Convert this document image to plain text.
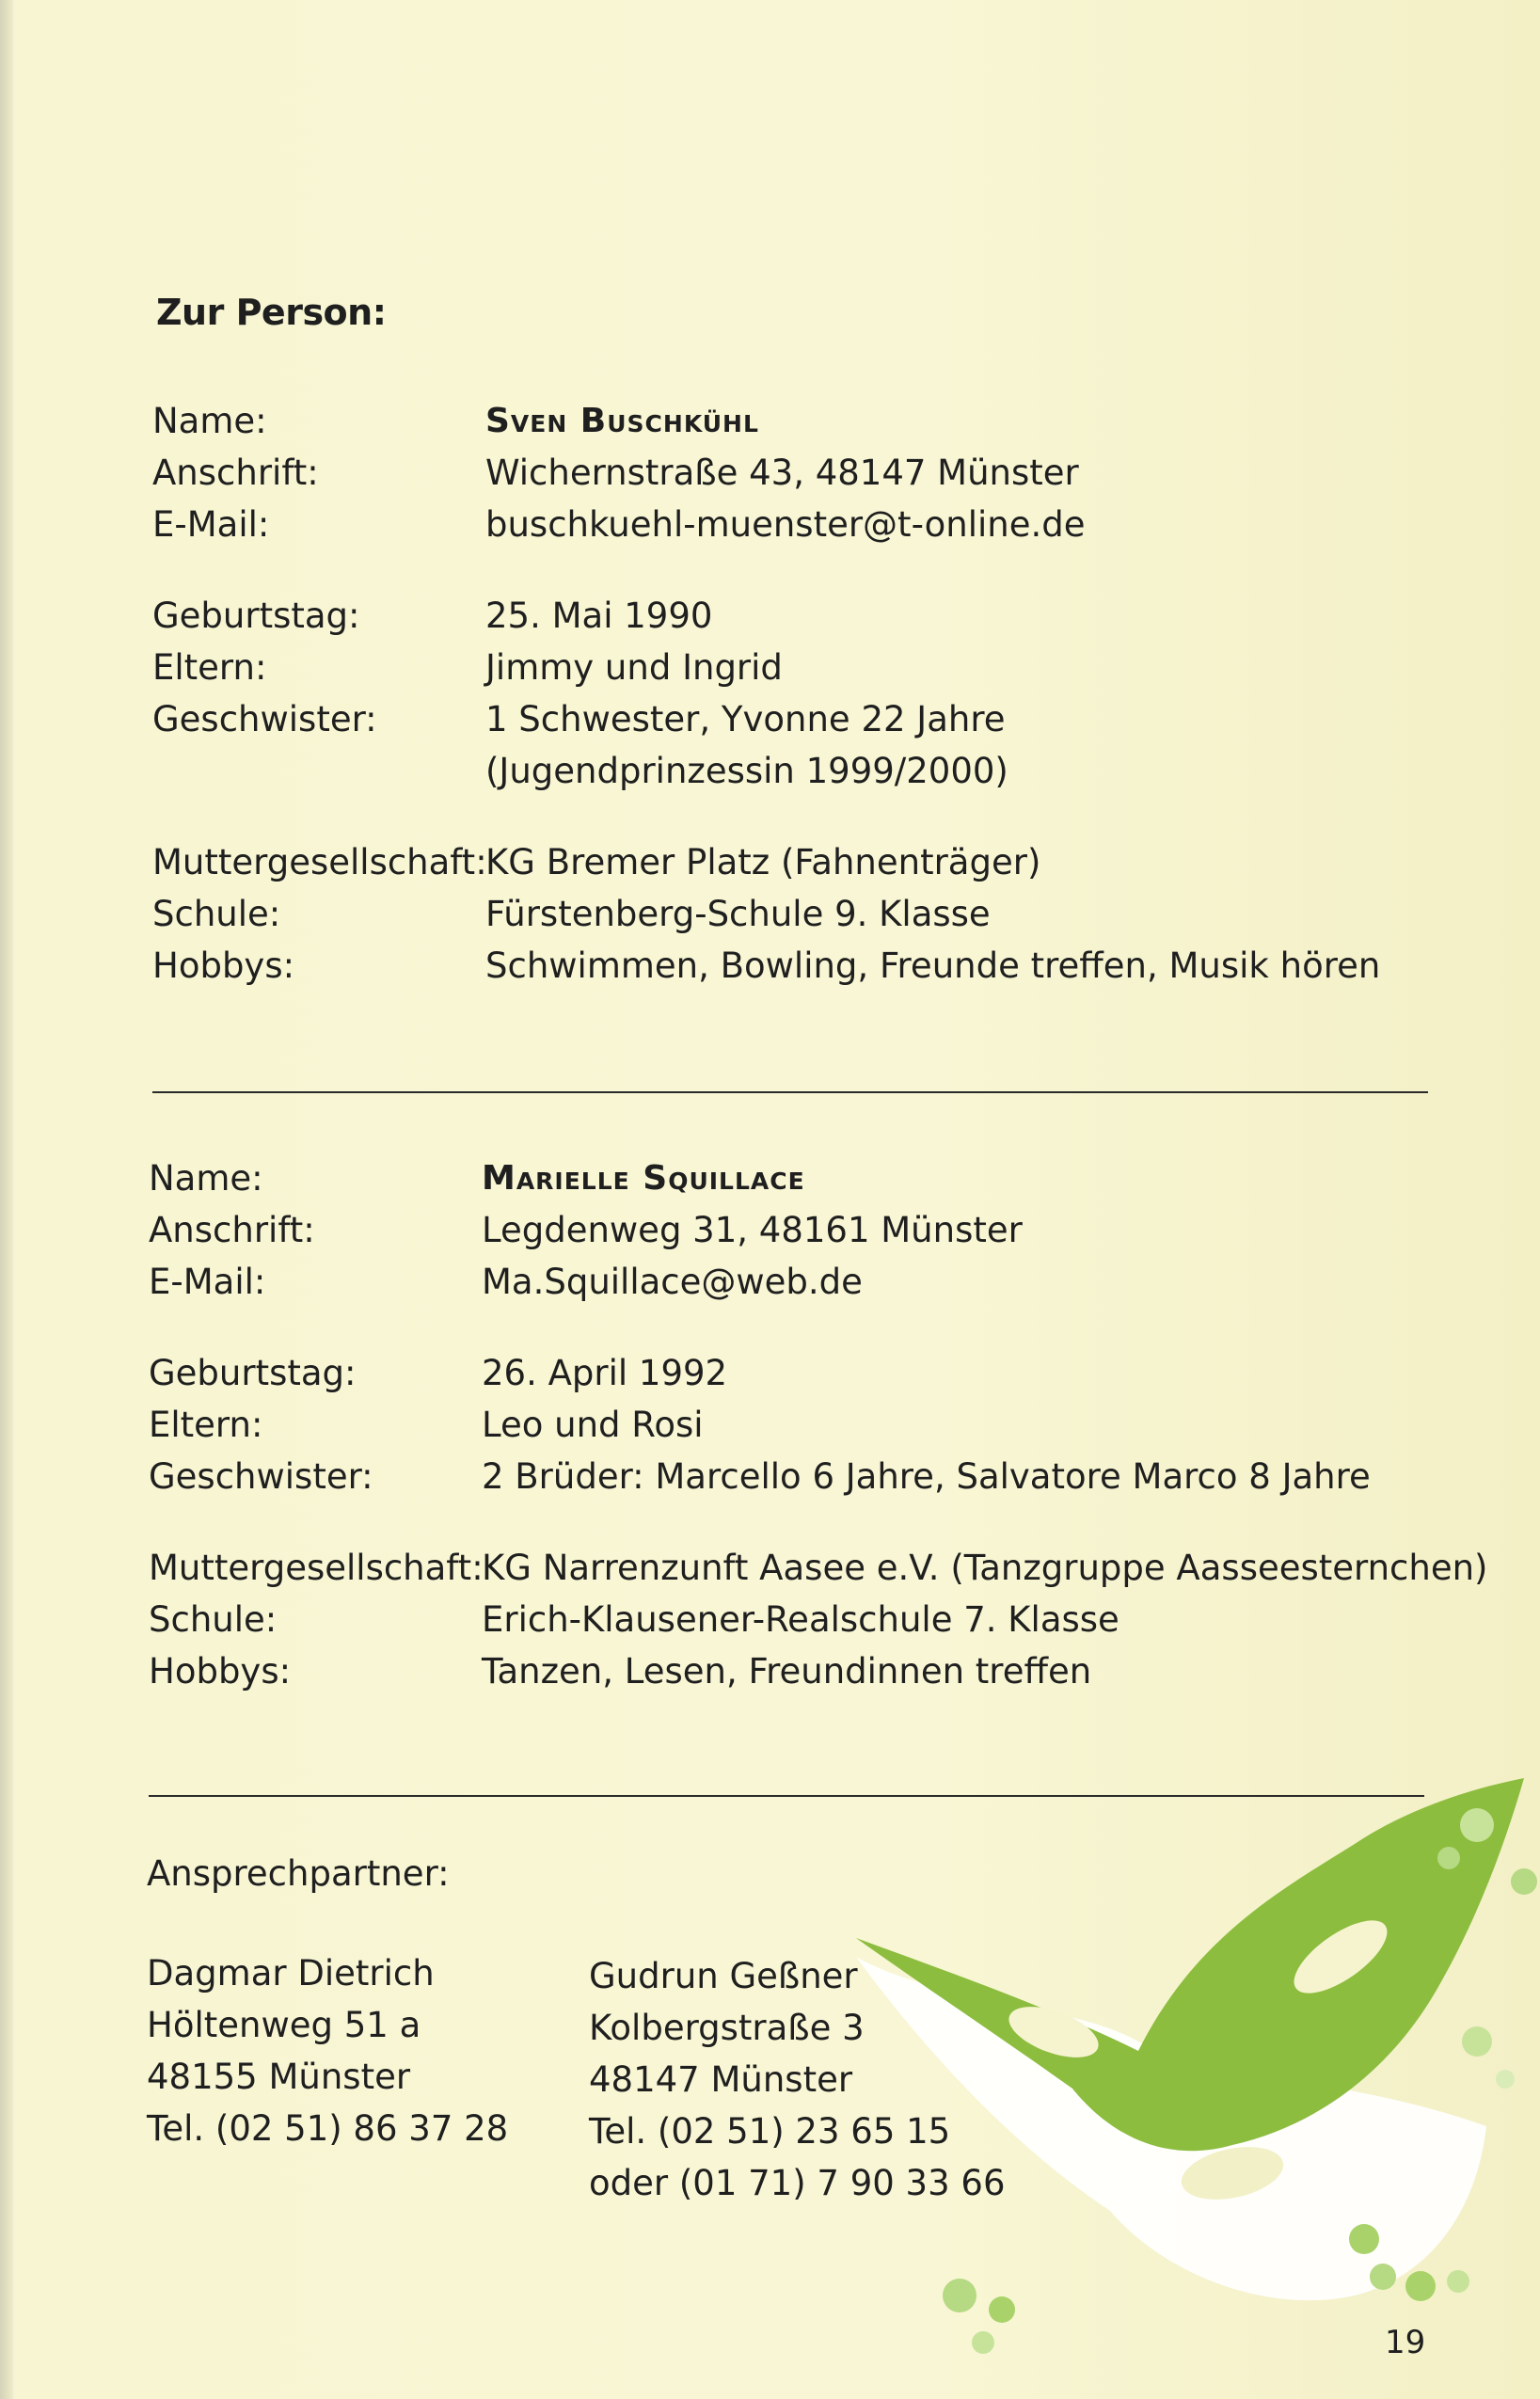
Zur Person:
Name:	Sven Buschkühl
Anschrift:	Wichernstraße 43, 48147 Münster
E-Mail:	buschkuehl-muenster@t-online.de
Geburtstag:	25. Mai 1990
Eltern:	Jimmy und Ingrid
Geschwister:	1 Schwester, Yvonne 22 Jahre
(Jugendprinzessin 1999/2000)
Muttergesellschaft:
KG Bremer Platz (Fahnenträger)
Schule:	Fürstenberg-Schule 9. Klasse
Hobbys:	Schwimmen, Bowling, Freunde treffen, Musik hören
Name:	Marielle Squillace
Anschrift:	Legdenweg 31, 48161 Münster
E-Mail:	Ma.Squillace@web.de
Geburtstag:	26. April 1992
Eltern:	Leo und Rosi
Geschwister:	2 Brüder: Marcello 6 Jahre, Salvatore Marco 8 Jahre
Muttergesellschaft:
KG Narrenzunft Aasee e.V. (Tanzgruppe Aasseesternchen)
Schule:	Erich-Klausener-Realschule 7. Klasse
Hobbys:	Tanzen, Lesen, Freundinnen treffen
Ansprechpartner:
Dagmar Dietrich
Höltenweg 51 a
48155 Münster
Tel. (02 51) 86 37 28
Gudrun Geßner
Kolbergstraße 3
48147 Münster
Tel. (02 51) 23 65 15
oder (01 71) 7 90 33 66
19
